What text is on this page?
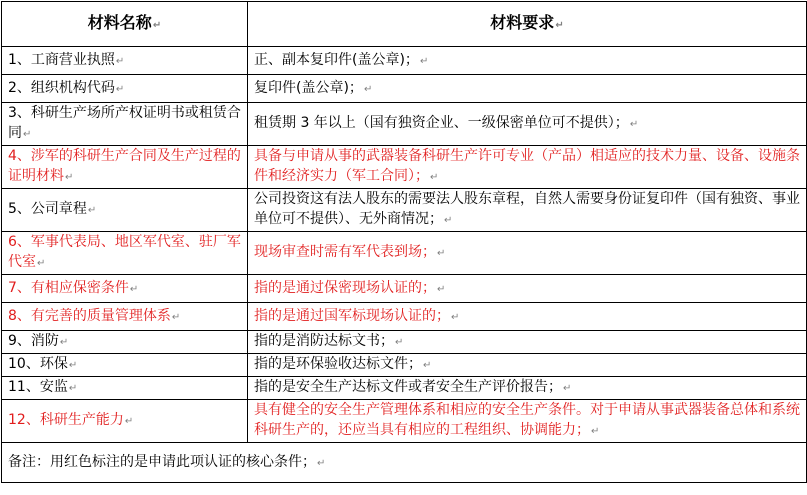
材料名称↵	材料要求↵
1、工商营业执照↵	正、副本复印件(盖公章)；↵
2、组织机构代码↵	复印件(盖公章)；↵
3、科研生产场所产权证明书或租赁合同↵	租赁期 3 年以上（国有独资企业、一级保密单位可不提供）；↵
4、涉军的科研生产合同及生产过程的证明材料↵	具备与申请从事的武器装备科研生产许可专业（产品）相适应的技术力量、设备、设施条件和经济实力（军工合同）；↵
5、公司章程↵	公司投资这有法人股东的需要法人股东章程，自然人需要身份证复印件（国有独资、事业单位可不提供）、无外商情况；↵
6、军事代表局、地区军代室、驻厂军代室↵	现场审查时需有军代表到场；↵
7、有相应保密条件↵	指的是通过保密现场认证的；↵
8、有完善的质量管理体系↵	指的是通过国军标现场认证的；↵
9、消防↵	指的是消防达标文书；↵
10、环保↵	指的是环保验收达标文件；↵
11、安监↵	指的是安全生产达标文件或者安全生产评价报告；↵
12、科研生产能力↵	具有健全的安全生产管理体系和相应的安全生产条件。对于申请从事武器装备总体和系统科研生产的，还应当具有相应的工程组织、协调能力；↵
备注：用红色标注的是申请此项认证的核心条件；↵	
